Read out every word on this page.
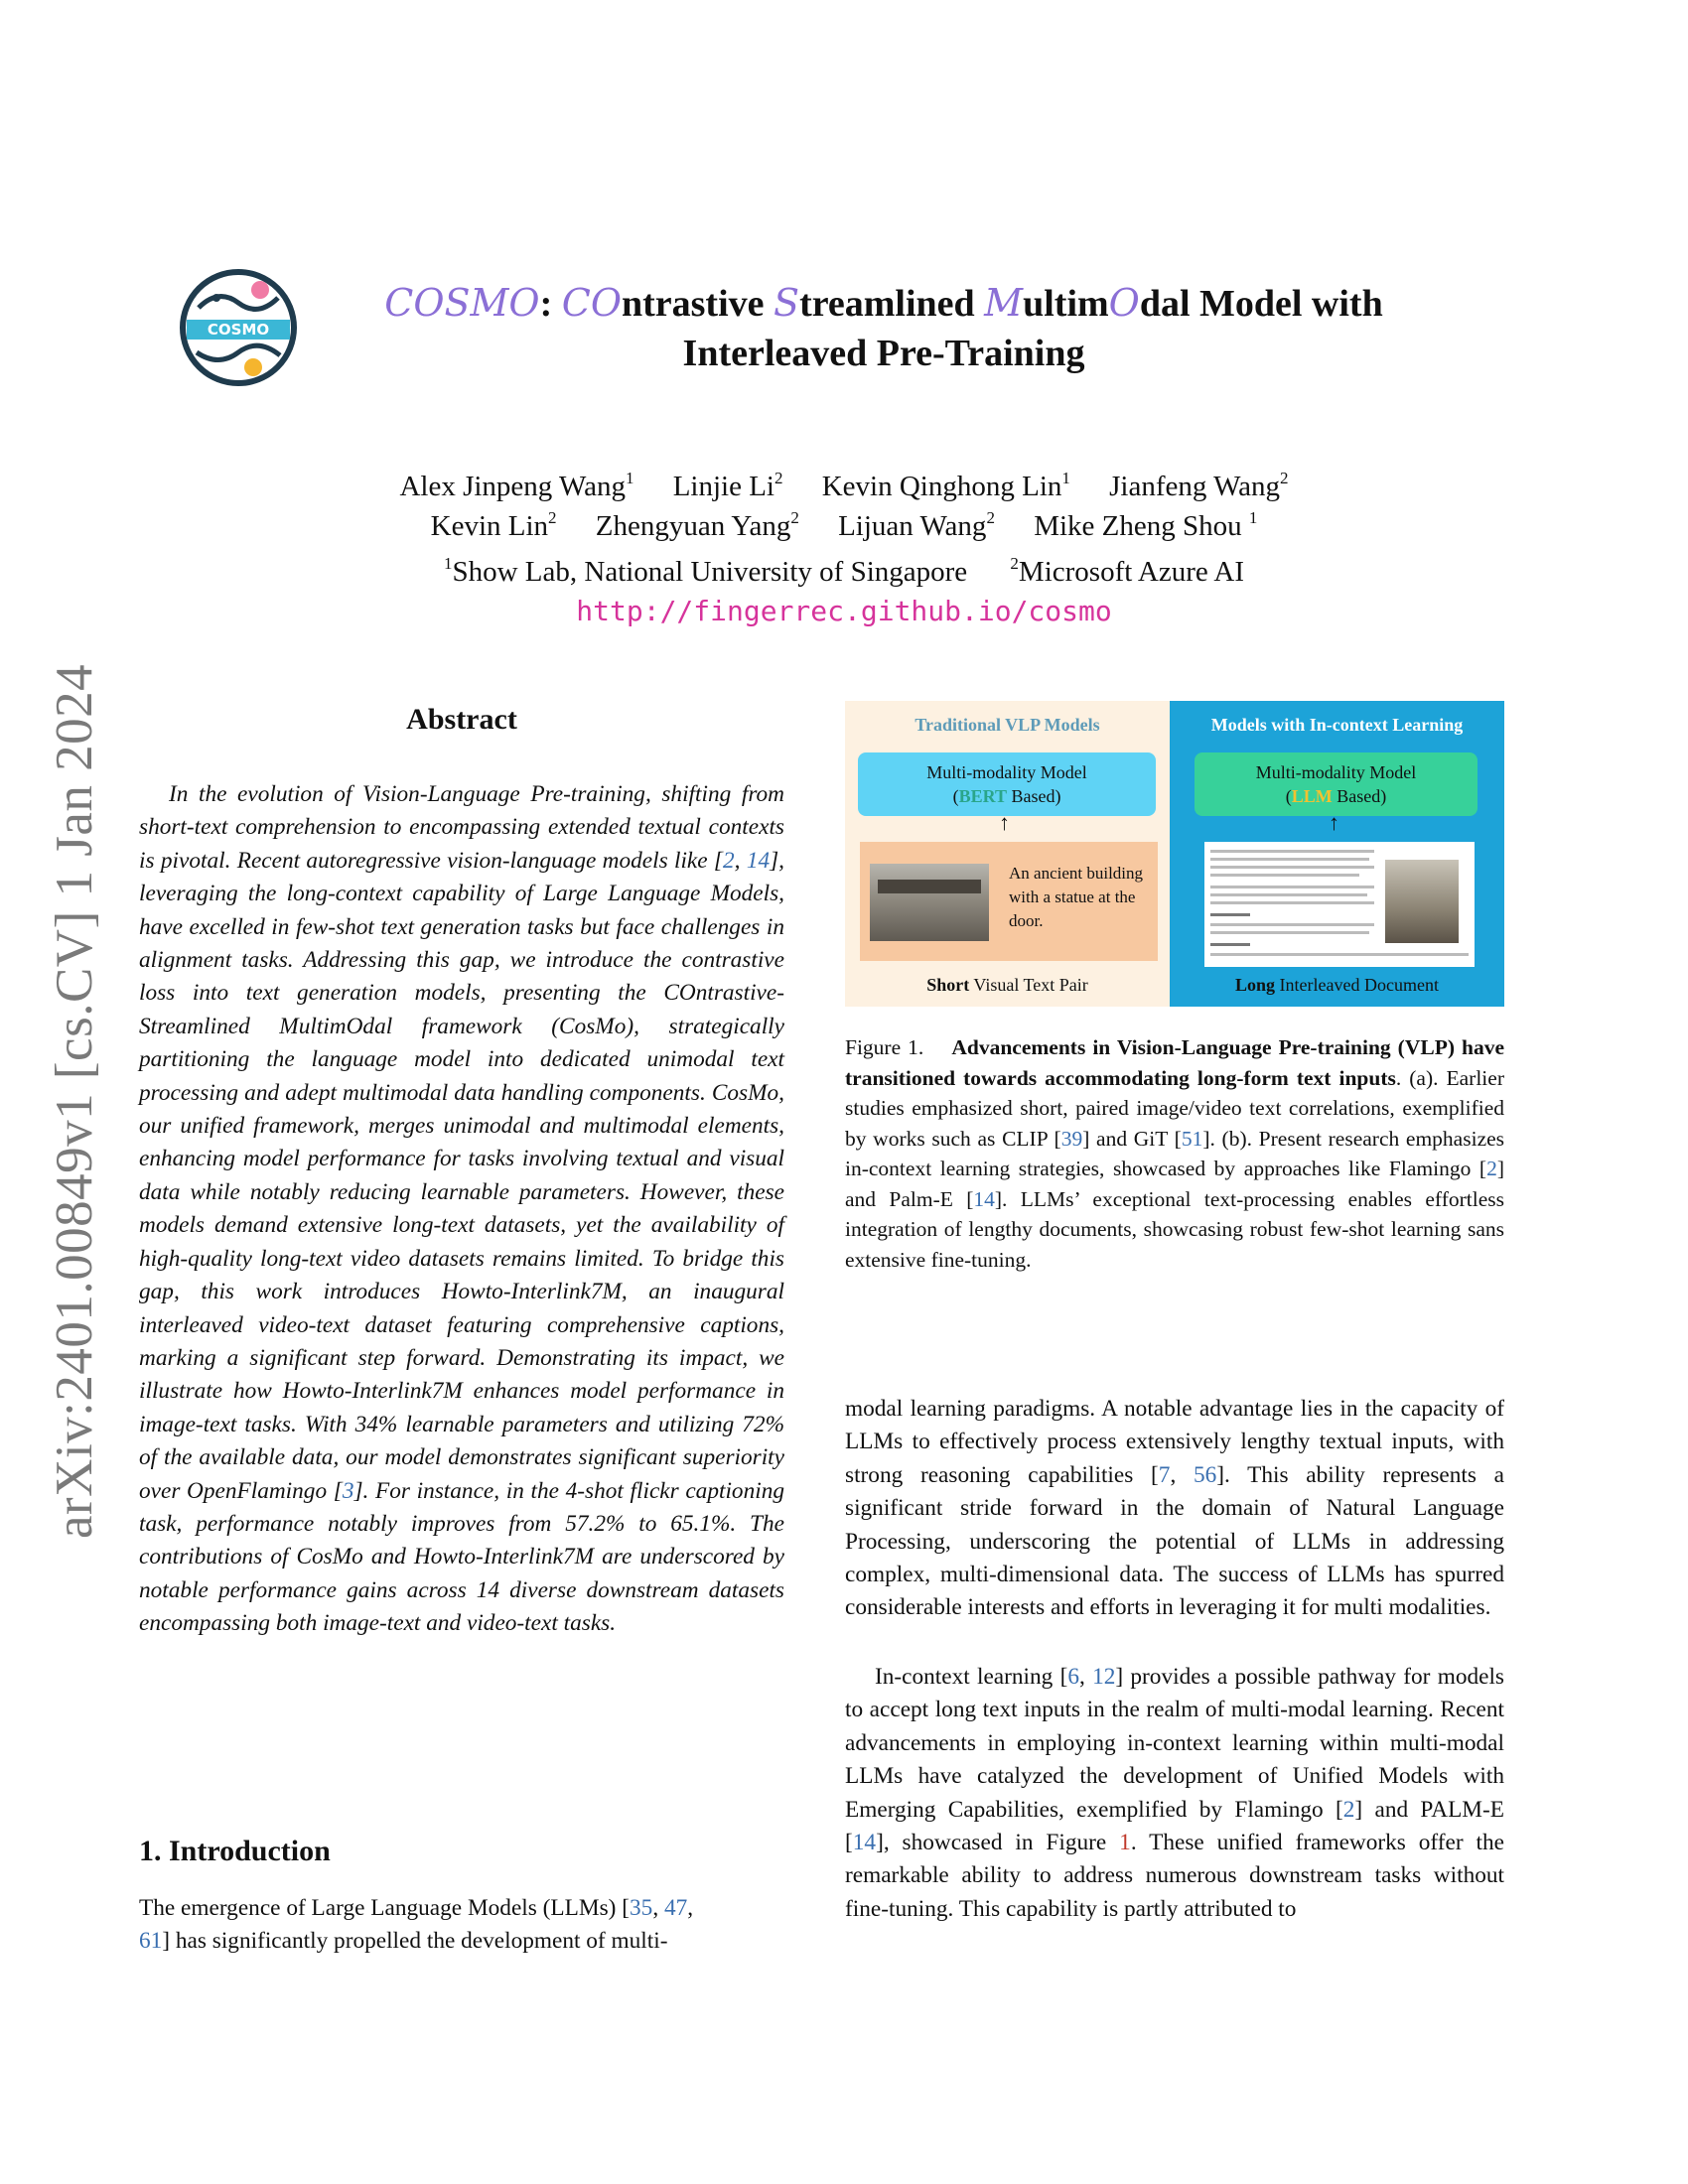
arXiv:2401.00849v1 [cs.CV] 1 Jan 2024
COSMO
COSMO: COntrastive Streamlined MultimOdal Model with
Interleaved Pre-Training
Alex Jinpeng Wang$^1$ Linjie Li$^2$ Kevin Qinghong Lin$^1$ Jianfeng Wang$^2$
Kevin Lin$^2$ Zhengyuan Yang$^2$ Lijuan Wang$^2$ Mike Zheng Shou $^1$
$^1$Show Lab, National University of Singapore	$^2$Microsoft Azure AI
http://fingerrec.github.io/cosmo
Abstract
In the evolution of Vision-Language Pre-training, shifting from short-text comprehension to encompassing extended textual contexts is pivotal. Recent autoregressive vision-language models like [2, 14], leveraging the long-context capability of Large Language Models, have excelled in few-shot text generation tasks but face challenges in alignment tasks. Addressing this gap, we introduce the contrastive loss into text generation models, presenting the COntrastive-Streamlined MultimOdal framework (CosMo), strategically partitioning the language model into dedicated unimodal text processing and adept multimodal data handling components. CosMo, our unified framework, merges unimodal and multimodal elements, enhancing model performance for tasks involving textual and visual data while notably reducing learnable parameters. However, these models demand extensive long-text datasets, yet the availability of high-quality long-text video datasets remains limited. To bridge this gap, this work introduces Howto-Interlink7M, an inaugural interleaved video-text dataset featuring comprehensive captions, marking a significant step forward. Demonstrating its impact, we illustrate how Howto-Interlink7M enhances model performance in image-text tasks. With 34% learnable parameters and utilizing 72% of the available data, our model demonstrates significant superiority over OpenFlamingo [3]. For instance, in the 4-shot flickr captioning task, performance notably improves from 57.2% to 65.1%. The contributions of CosMo and Howto-Interlink7M are underscored by notable performance gains across 14 diverse downstream datasets encompassing both image-text and video-text tasks.
1. Introduction
The emergence of Large Language Models (LLMs) [35, 47,
61] has significantly propelled the development of multi-
Traditional VLP Models
Multi-modality Model
(BERT Based)
↑
An ancient building with a statue at the door.
Short Visual Text Pair
Models with In-context Learning
Multi-modality Model
(LLM Based)
↑
Long Interleaved Document
Figure 1. Advancements in Vision-Language Pre-training (VLP) have transitioned towards accommodating long-form text inputs. (a). Earlier studies emphasized short, paired image/video text correlations, exemplified by works such as CLIP [39] and GiT [51]. (b). Present research emphasizes in-context learning strategies, showcased by approaches like Flamingo [2] and Palm-E [14]. LLMs’ exceptional text-processing enables effortless integration of lengthy documents, showcasing robust few-shot learning sans extensive fine-tuning.
modal learning paradigms. A notable advantage lies in the capacity of LLMs to effectively process extensively lengthy textual inputs, with strong reasoning capabilities [7, 56]. This ability represents a significant stride forward in the domain of Natural Language Processing, underscoring the potential of LLMs in addressing complex, multi-dimensional data. The success of LLMs has spurred considerable interests and efforts in leveraging it for multi modalities.
In-context learning [6, 12] provides a possible pathway for models to accept long text inputs in the realm of multi-modal learning. Recent advancements in employing in-context learning within multi-modal LLMs have catalyzed the development of Unified Models with Emerging Capabilities, exemplified by Flamingo [2] and PALM-E [14], showcased in Figure 1. These unified frameworks offer the remarkable ability to address numerous downstream tasks without fine-tuning. This capability is partly attributed to
